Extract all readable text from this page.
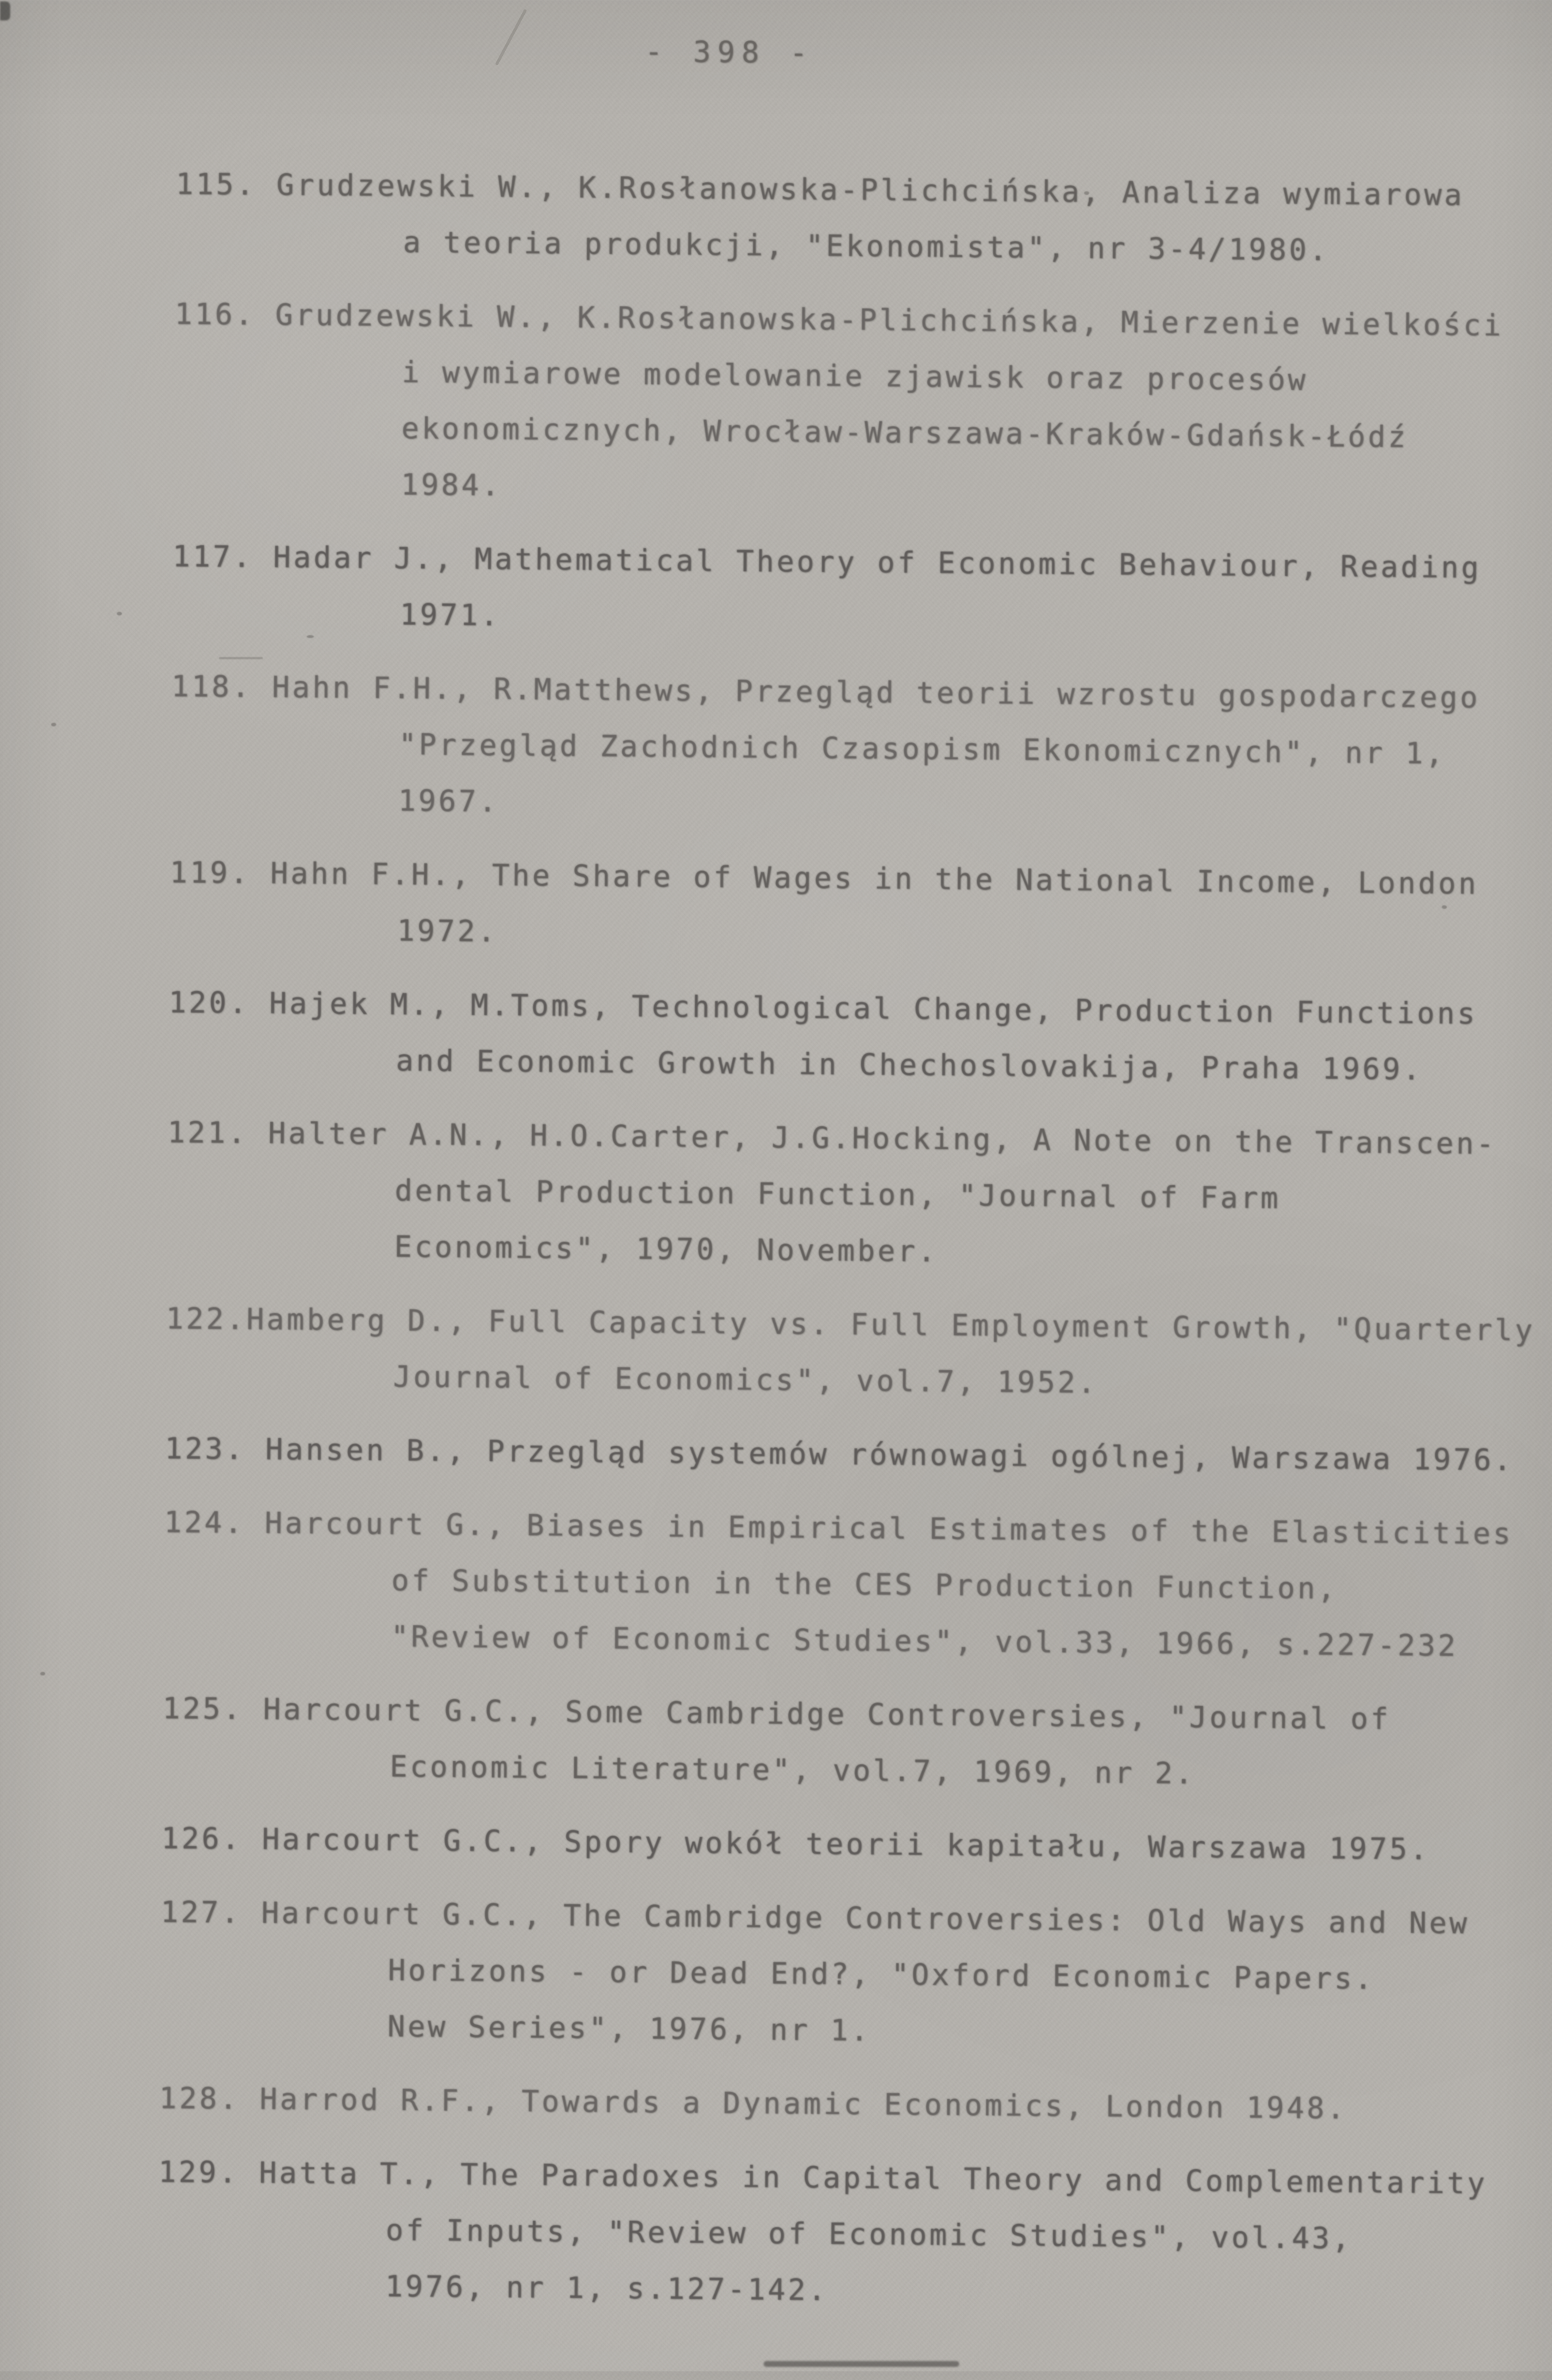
- 398 -
115. Grudzewski W., K.Rosłanowska-Plichcińska, Analiza wymiarowa
a teoria produkcji, "Ekonomista", nr 3-4/1980.
116. Grudzewski W., K.Rosłanowska-Plichcińska, Mierzenie wielkości
i wymiarowe modelowanie zjawisk oraz procesów
ekonomicznych, Wrocław-Warszawa-Kraków-Gdańsk-Łódź
1984.
117. Hadar J., Mathematical Theory of Economic Behaviour, Reading
1971.
118. Hahn F.H., R.Matthews, Przegląd teorii wzrostu gospodarczego
"Przegląd Zachodnich Czasopism Ekonomicznych", nr 1,
1967.
119. Hahn F.H., The Share of Wages in the National Income, London
1972.
120. Hajek M., M.Toms, Technological Change, Production Functions
and Economic Growth in Chechoslovakija, Praha 1969.
121. Halter A.N., H.O.Carter, J.G.Hocking, A Note on the Transcen-
dental Production Function, "Journal of Farm
Economics", 1970, November.
122.Hamberg D., Full Capacity vs. Full Employment Growth, "Quarterly
Journal of Economics", vol.7, 1952.
123. Hansen B., Przegląd systemów równowagi ogólnej, Warszawa 1976.
124. Harcourt G., Biases in Empirical Estimates of the Elasticities
of Substitution in the CES Production Function,
"Review of Economic Studies", vol.33, 1966, s.227-232
125. Harcourt G.C., Some Cambridge Controversies, "Journal of
Economic Literature", vol.7, 1969, nr 2.
126. Harcourt G.C., Spory wokół teorii kapitału, Warszawa 1975.
127. Harcourt G.C., The Cambridge Controversies: Old Ways and New
Horizons - or Dead End?, "Oxford Economic Papers.
New Series", 1976, nr 1.
128. Harrod R.F., Towards a Dynamic Economics, London 1948.
129. Hatta T., The Paradoxes in Capital Theory and Complementarity
of Inputs, "Review of Economic Studies", vol.43,
1976, nr 1, s.127-142.
